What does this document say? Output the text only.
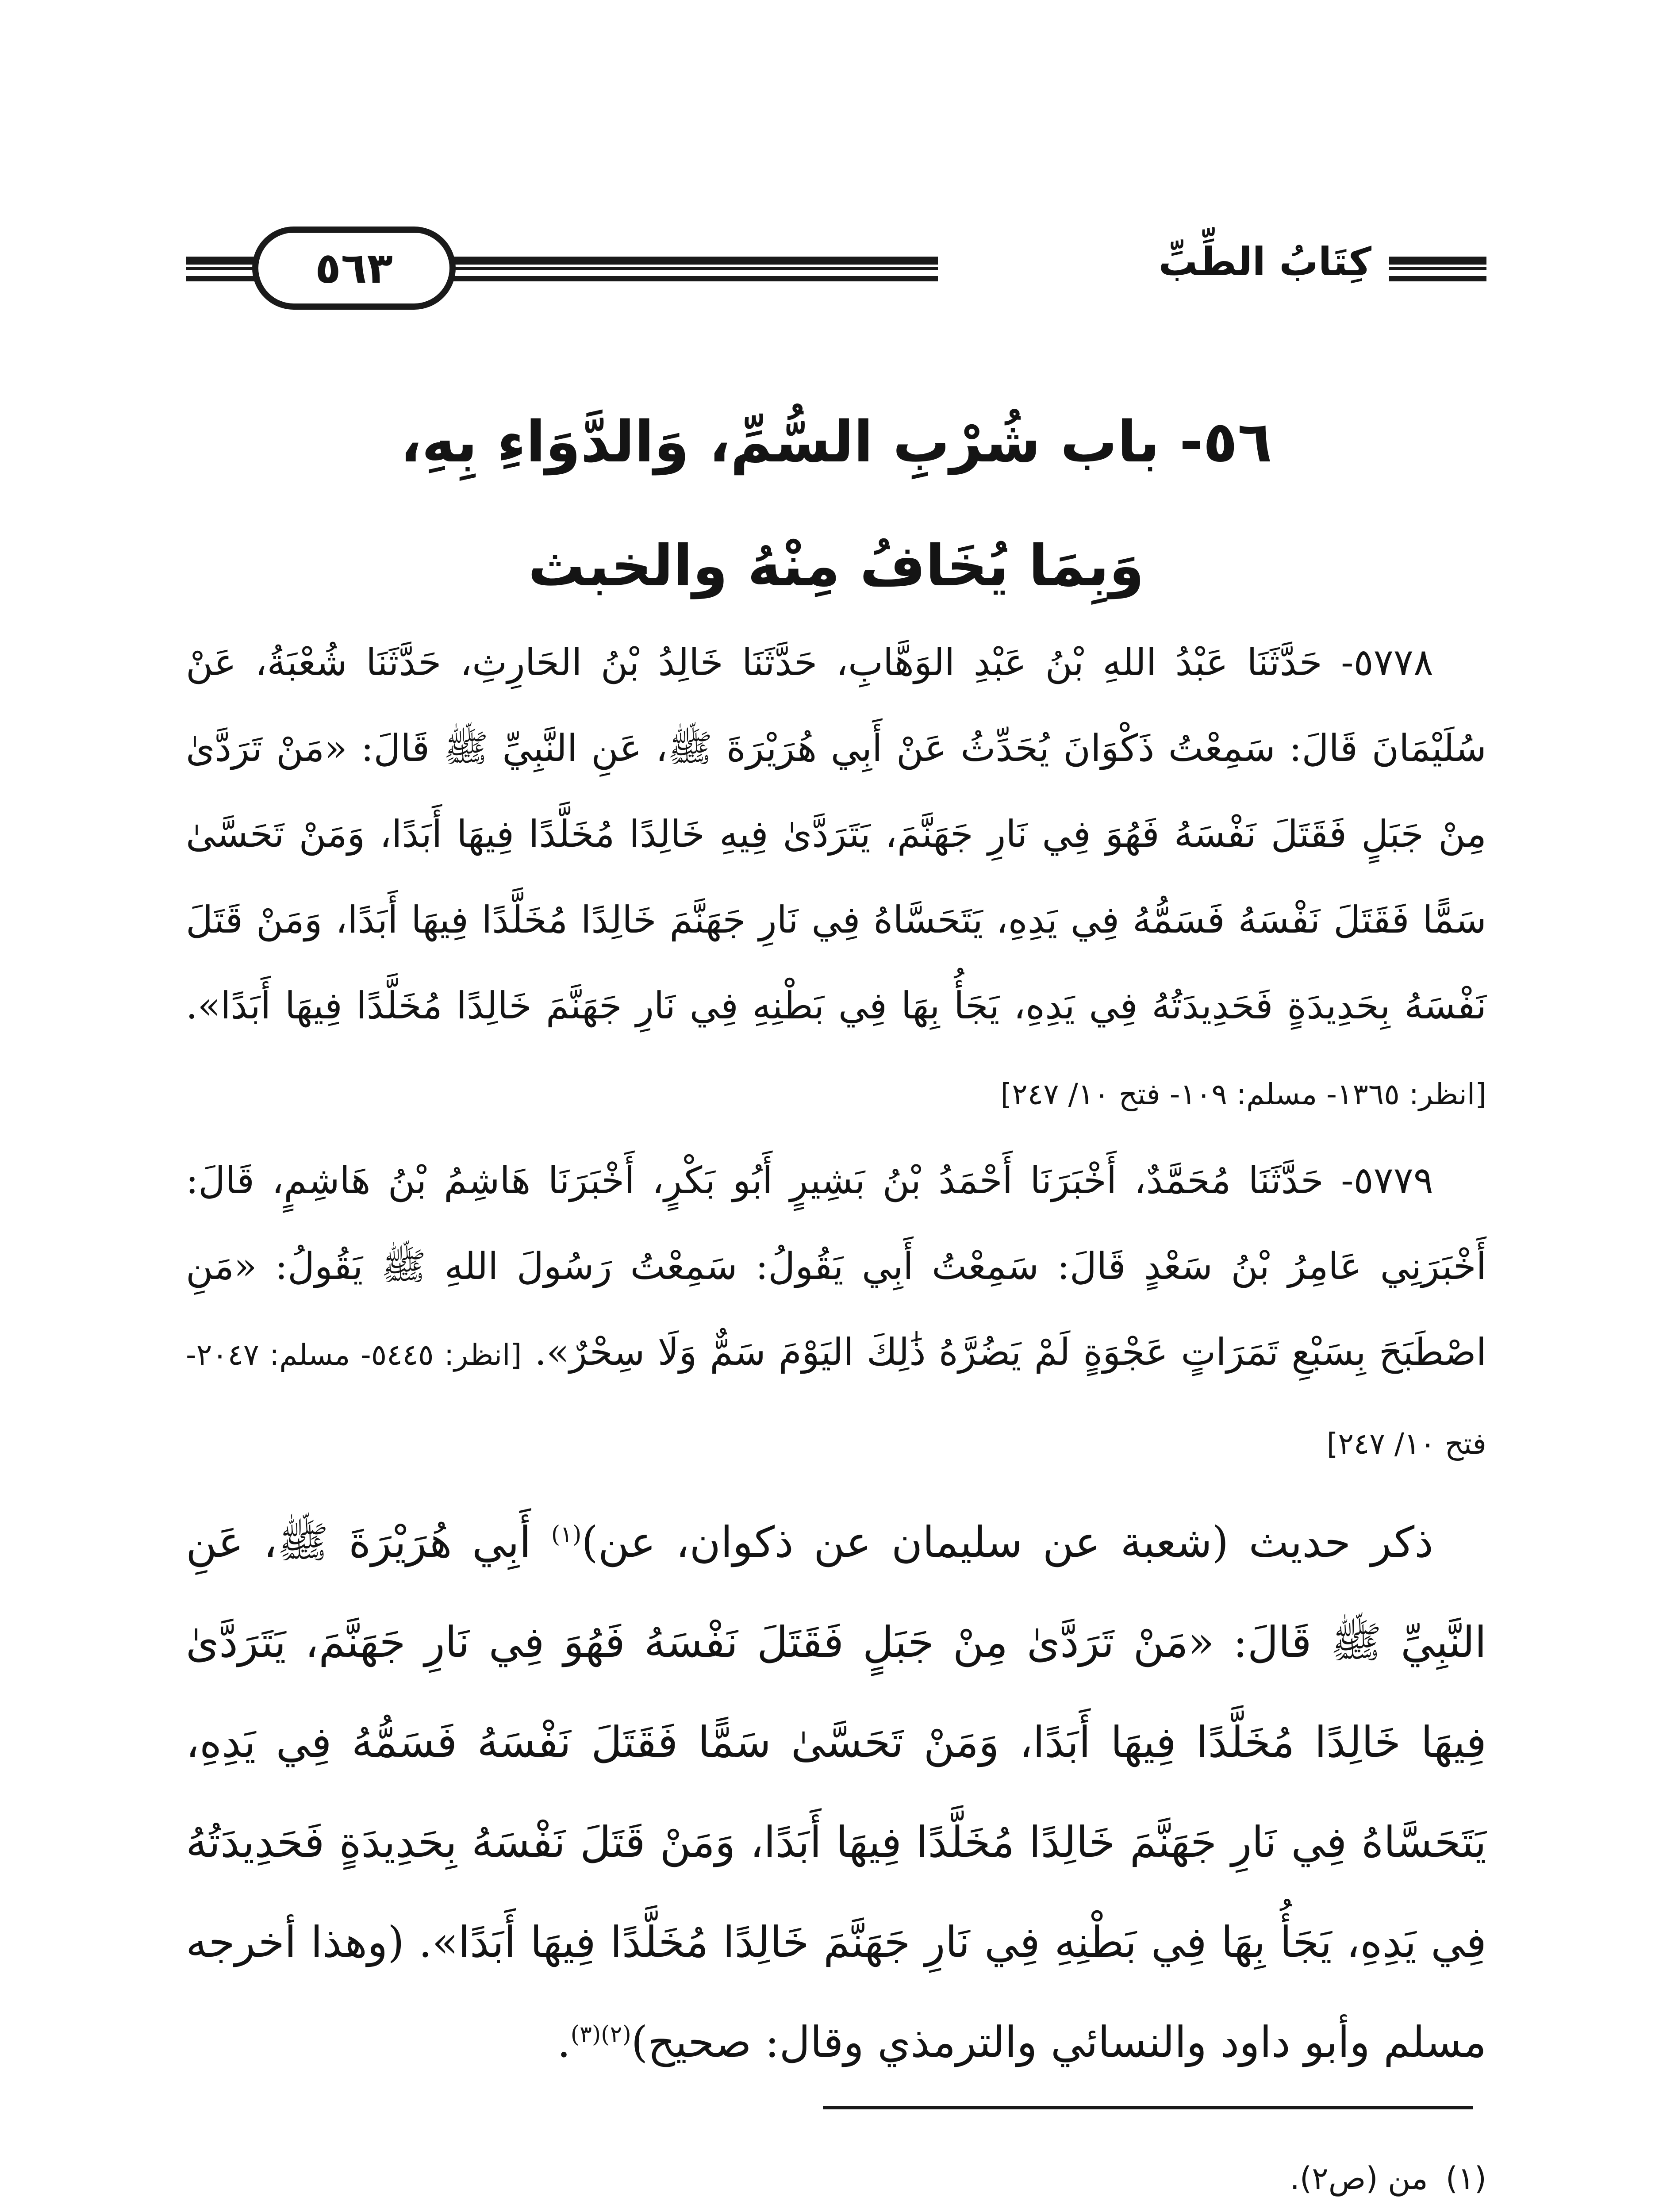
٥٦٣	كِتَابُ الطِّبِّ
٥٦- باب شُرْبِ السُّمِّ، وَالدَّوَاءِ بِهِ،
وَبِمَا يُخَافُ مِنْهُ والخبث

٥٧٧٨- حَدَّثَنَا عَبْدُ اللهِ بْنُ عَبْدِ الوَهَّابِ، حَدَّثَنَا خَالِدُ بْنُ الحَارِثِ، حَدَّثَنَا شُعْبَةُ، عَنْ سُلَيْمَانَ قَالَ: سَمِعْتُ ذَكْوَانَ يُحَدِّثُ عَنْ أَبِي هُرَيْرَةَ ﷺ، عَنِ النَّبِيِّ ﷺ قَالَ: «مَنْ تَرَدَّىٰ مِنْ جَبَلٍ فَقَتَلَ نَفْسَهُ فَهُوَ فِي نَارِ جَهَنَّمَ، يَتَرَدَّىٰ فِيهِ خَالِدًا مُخَلَّدًا فِيهَا أَبَدًا، وَمَنْ تَحَسَّىٰ سَمًّا فَقَتَلَ نَفْسَهُ فَسَمُّهُ فِي يَدِهِ، يَتَحَسَّاهُ فِي نَارِ جَهَنَّمَ خَالِدًا مُخَلَّدًا فِيهَا أَبَدًا، وَمَنْ قَتَلَ نَفْسَهُ بِحَدِيدَةٍ فَحَدِيدَتُهُ فِي يَدِهِ، يَجَأُ بِهَا فِي بَطْنِهِ فِي نَارِ جَهَنَّمَ خَالِدًا مُخَلَّدًا فِيهَا أَبَدًا». [انظر: ١٣٦٥- مسلم: ١٠٩- فتح ١٠/ ٢٤٧]

٥٧٧٩- حَدَّثَنَا مُحَمَّدٌ، أَخْبَرَنَا أَحْمَدُ بْنُ بَشِيرٍ أَبُو بَكْرٍ، أَخْبَرَنَا هَاشِمُ بْنُ هَاشِمٍ، قَالَ: أَخْبَرَنِي عَامِرُ بْنُ سَعْدٍ قَالَ: سَمِعْتُ أَبِي يَقُولُ: سَمِعْتُ رَسُولَ اللهِ ﷺ يَقُولُ: «مَنِ اصْطَبَحَ بِسَبْعِ تَمَرَاتٍ عَجْوَةٍ لَمْ يَضُرَّهُ ذَٰلِكَ اليَوْمَ سَمٌّ وَلَا سِحْرٌ». [انظر: ٥٤٤٥- مسلم: ٢٠٤٧- فتح ١٠/ ٢٤٧]

ذكر حديث (شعبة عن سليمان عن ذكوان، عن)$^{(١)}$ أَبِي هُرَيْرَةَ ﷺ، عَنِ النَّبِيِّ ﷺ قَالَ: «مَنْ تَرَدَّىٰ مِنْ جَبَلٍ فَقَتَلَ نَفْسَهُ فَهُوَ فِي نَارِ جَهَنَّمَ، يَتَرَدَّىٰ فِيهَا خَالِدًا مُخَلَّدًا فِيهَا أَبَدًا، وَمَنْ تَحَسَّىٰ سَمًّا فَقَتَلَ نَفْسَهُ فَسَمُّهُ فِي يَدِهِ، يَتَحَسَّاهُ فِي نَارِ جَهَنَّمَ خَالِدًا مُخَلَّدًا فِيهَا أَبَدًا، وَمَنْ قَتَلَ نَفْسَهُ بِحَدِيدَةٍ فَحَدِيدَتُهُ فِي يَدِهِ، يَجَأُ بِهَا فِي بَطْنِهِ فِي نَارِ جَهَنَّمَ خَالِدًا مُخَلَّدًا فِيهَا أَبَدًا». (وهذا أخرجه مسلم وأبو داود والنسائي والترمذي وقال: صحيح)$^{(٢)(٣)}$.

(١)
من (ص٢).
